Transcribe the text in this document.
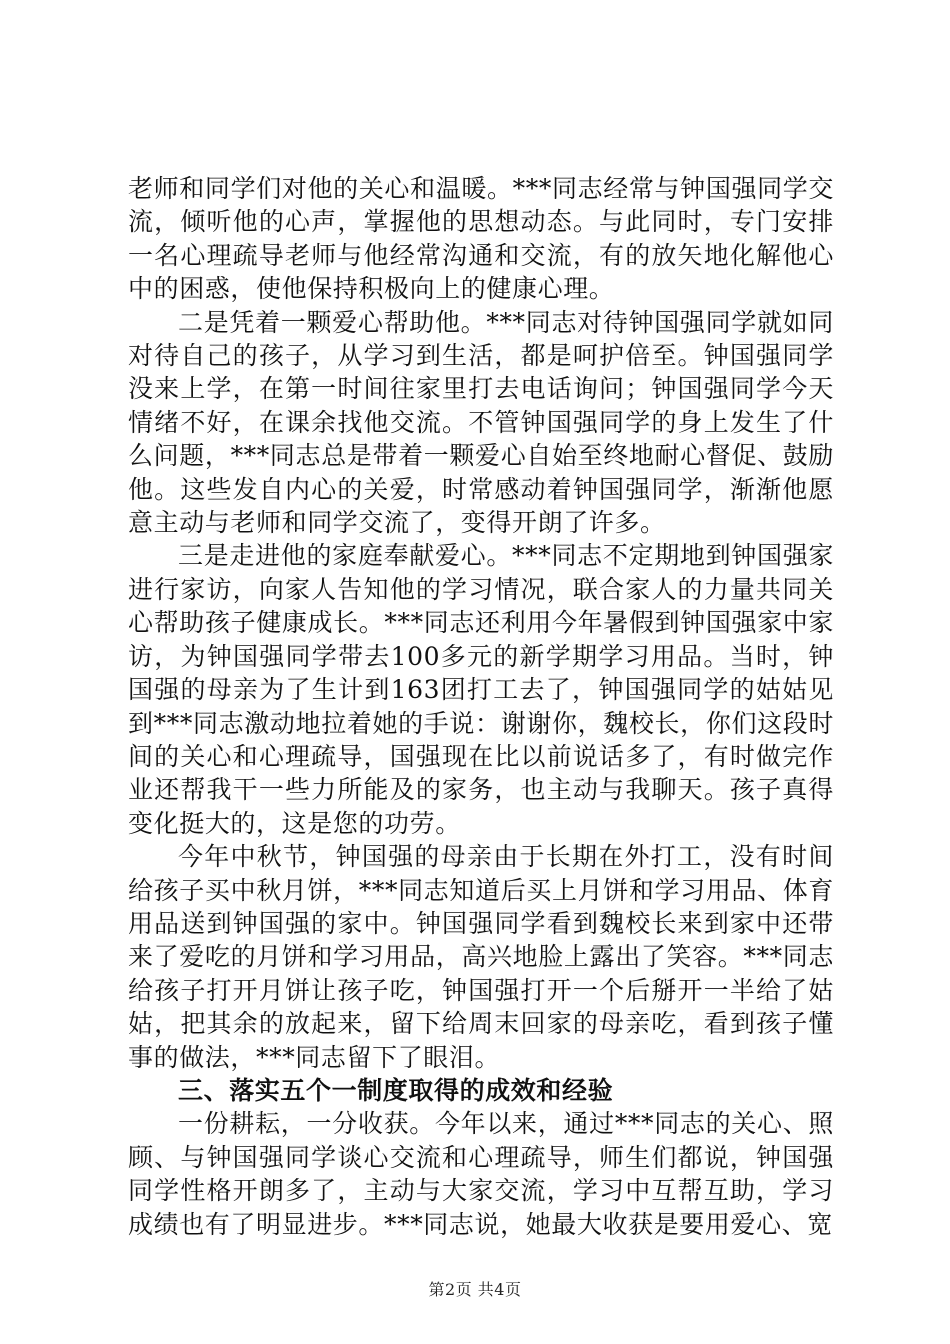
老师和同学们对他的关心和温暖。***同志经常与钟国强同学交流，倾听他的心声，掌握他的思想动态。与此同时，专门安排一名心理疏导老师与他经常沟通和交流，有的放矢地化解他心中的困惑，使他保持积极向上的健康心理。

二是凭着一颗爱心帮助他。***同志对待钟国强同学就如同对待自己的孩子，从学习到生活，都是呵护倍至。钟国强同学没来上学，在第一时间往家里打去电话询问；钟国强同学今天情绪不好，在课余找他交流。不管钟国强同学的身上发生了什么问题，***同志总是带着一颗爱心自始至终地耐心督促、鼓励他。这些发自内心的关爱，时常感动着钟国强同学，渐渐他愿意主动与老师和同学交流了，变得开朗了许多。

三是走进他的家庭奉献爱心。***同志不定期地到钟国强家进行家访，向家人告知他的学习情况，联合家人的力量共同关心帮助孩子健康成长。***同志还利用今年暑假到钟国强家中家访，为钟国强同学带去100多元的新学期学习用品。当时，钟国强的母亲为了生计到163团打工去了，钟国强同学的姑姑见到***同志激动地拉着她的手说：谢谢你，魏校长，你们这段时间的关心和心理疏导，国强现在比以前说话多了，有时做完作业还帮我干一些力所能及的家务，也主动与我聊天。孩子真得变化挺大的，这是您的功劳。

今年中秋节，钟国强的母亲由于长期在外打工，没有时间给孩子买中秋月饼，***同志知道后买上月饼和学习用品、体育用品送到钟国强的家中。钟国强同学看到魏校长来到家中还带来了爱吃的月饼和学习用品，高兴地脸上露出了笑容。***同志给孩子打开月饼让孩子吃，钟国强打开一个后掰开一半给了姑姑，把其余的放起来，留下给周末回家的母亲吃，看到孩子懂事的做法，***同志留下了眼泪。

三、落实五个一制度取得的成效和经验

一份耕耘，一分收获。今年以来，通过***同志的关心、照顾、与钟国强同学谈心交流和心理疏导，师生们都说，钟国强同学性格开朗多了，主动与大家交流，学习中互帮互助，学习成绩也有了明显进步。***同志说，她最大收获是要用爱心、宽

第2页 共4页
